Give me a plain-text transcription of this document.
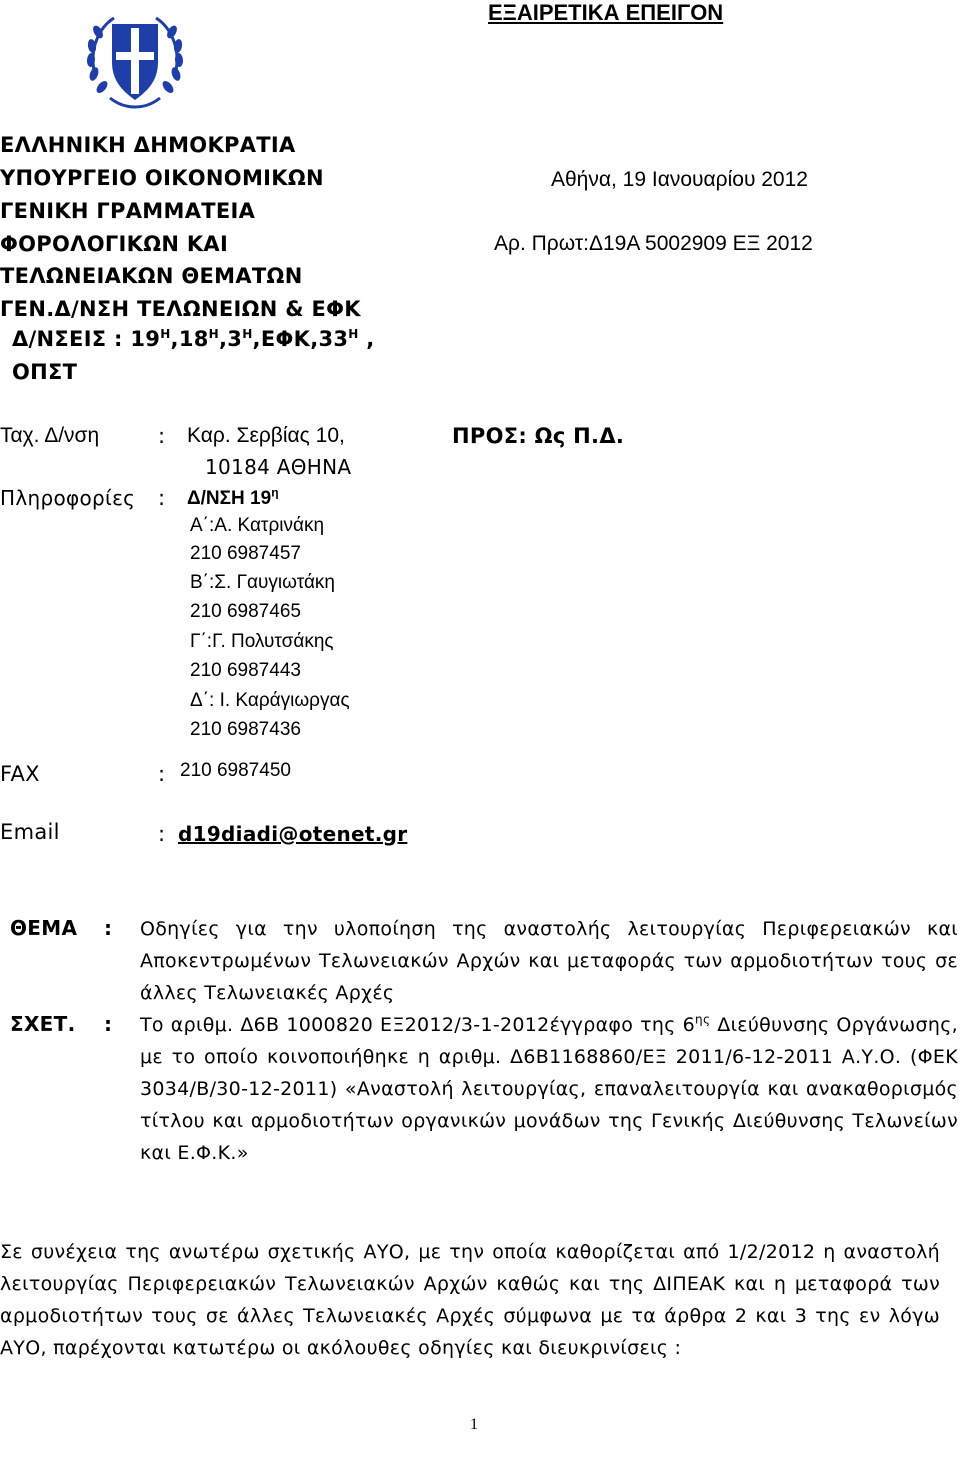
ΕΞΑΙΡΕΤΙΚΑ ΕΠΕΙΓΟΝ
ΕΛΛΗΝΙΚΗ ΔΗΜΟΚΡΑΤΙΑ
ΥΠΟΥΡΓΕΙΟ ΟΙΚΟΝΟΜΙΚΩΝ
ΓΕΝΙΚΗ ΓΡΑΜΜΑΤΕΙΑ
ΦΟΡΟΛΟΓΙΚΩΝ ΚΑΙ
ΤΕΛΩΝΕΙΑΚΩΝ ΘΕΜΑΤΩΝ
ΓΕΝ.Δ/ΝΣΗ ΤΕΛΩΝΕΙΩΝ & ΕΦΚ
Δ/ΝΣΕΙΣ : $19^H,18^H,3^H,E\Phi K,33^H$ ,
ΟΠΣΤ
Αθήνα, 19 Ιανουαρίου 2012
Αρ. Πρωτ:Δ19Α 5002909 ΕΞ 2012
Ταχ. Δ/νση	: Καρ. Σερβίας 10,
10184 ΑΘΗΝΑ
ΠΡΟΣ: Ως Π.Δ.
Πληροφορίες : Δ/ΝΣΗ $19^\eta$
Α΄:Α. Κατρινάκη
210 6987457
Β΄:Σ. Γαυγιωτάκη
210 6987465
Γ΄:Γ. Πολυτσάκης
210 6987443
Δ΄: Ι. Καράγιωργας
210 6987436
FAX	: 210 6987450
Email	: d19diadi@otenet.gr
ΘΕΜΑ : Οδηγίες για την υλοποίηση της αναστολής λειτουργίας Περιφερειακών και Αποκεντρωμένων Τελωνειακών Αρχών και μεταφοράς των αρμοδιοτήτων τους σε άλλες Τελωνειακές Αρχές
ΣΧΕΤ. : Το αριθμ. Δ6Β 1000820 ΕΞ2012/3-1-2012έγγραφο της $6^{\eta\varsigma}$ Διεύθυνσης Οργάνωσης, με το οποίο κοινοποιήθηκε η αριθμ. Δ6Β1168860/ΕΞ 2011/6-12-2011 Α.Υ.Ο. (ΦΕΚ 3034/Β/30-12-2011) «Αναστολή λειτουργίας, επαναλειτουργία και ανακαθορισμός τίτλου και αρμοδιοτήτων οργανικών μονάδων της Γενικής Διεύθυνσης Τελωνείων και Ε.Φ.Κ.»
Σε συνέχεια της ανωτέρω σχετικής ΑΥΟ, με την οποία καθορίζεται από 1/2/2012 η αναστολή λειτουργίας Περιφερειακών Τελωνειακών Αρχών καθώς και της ΔΙΠΕΑΚ και η μεταφορά των αρμοδιοτήτων τους σε άλλες Τελωνειακές Αρχές σύμφωνα με τα άρθρα 2 και 3 της εν λόγω ΑΥΟ, παρέχονται κατωτέρω οι ακόλουθες οδηγίες και διευκρινίσεις :
1
